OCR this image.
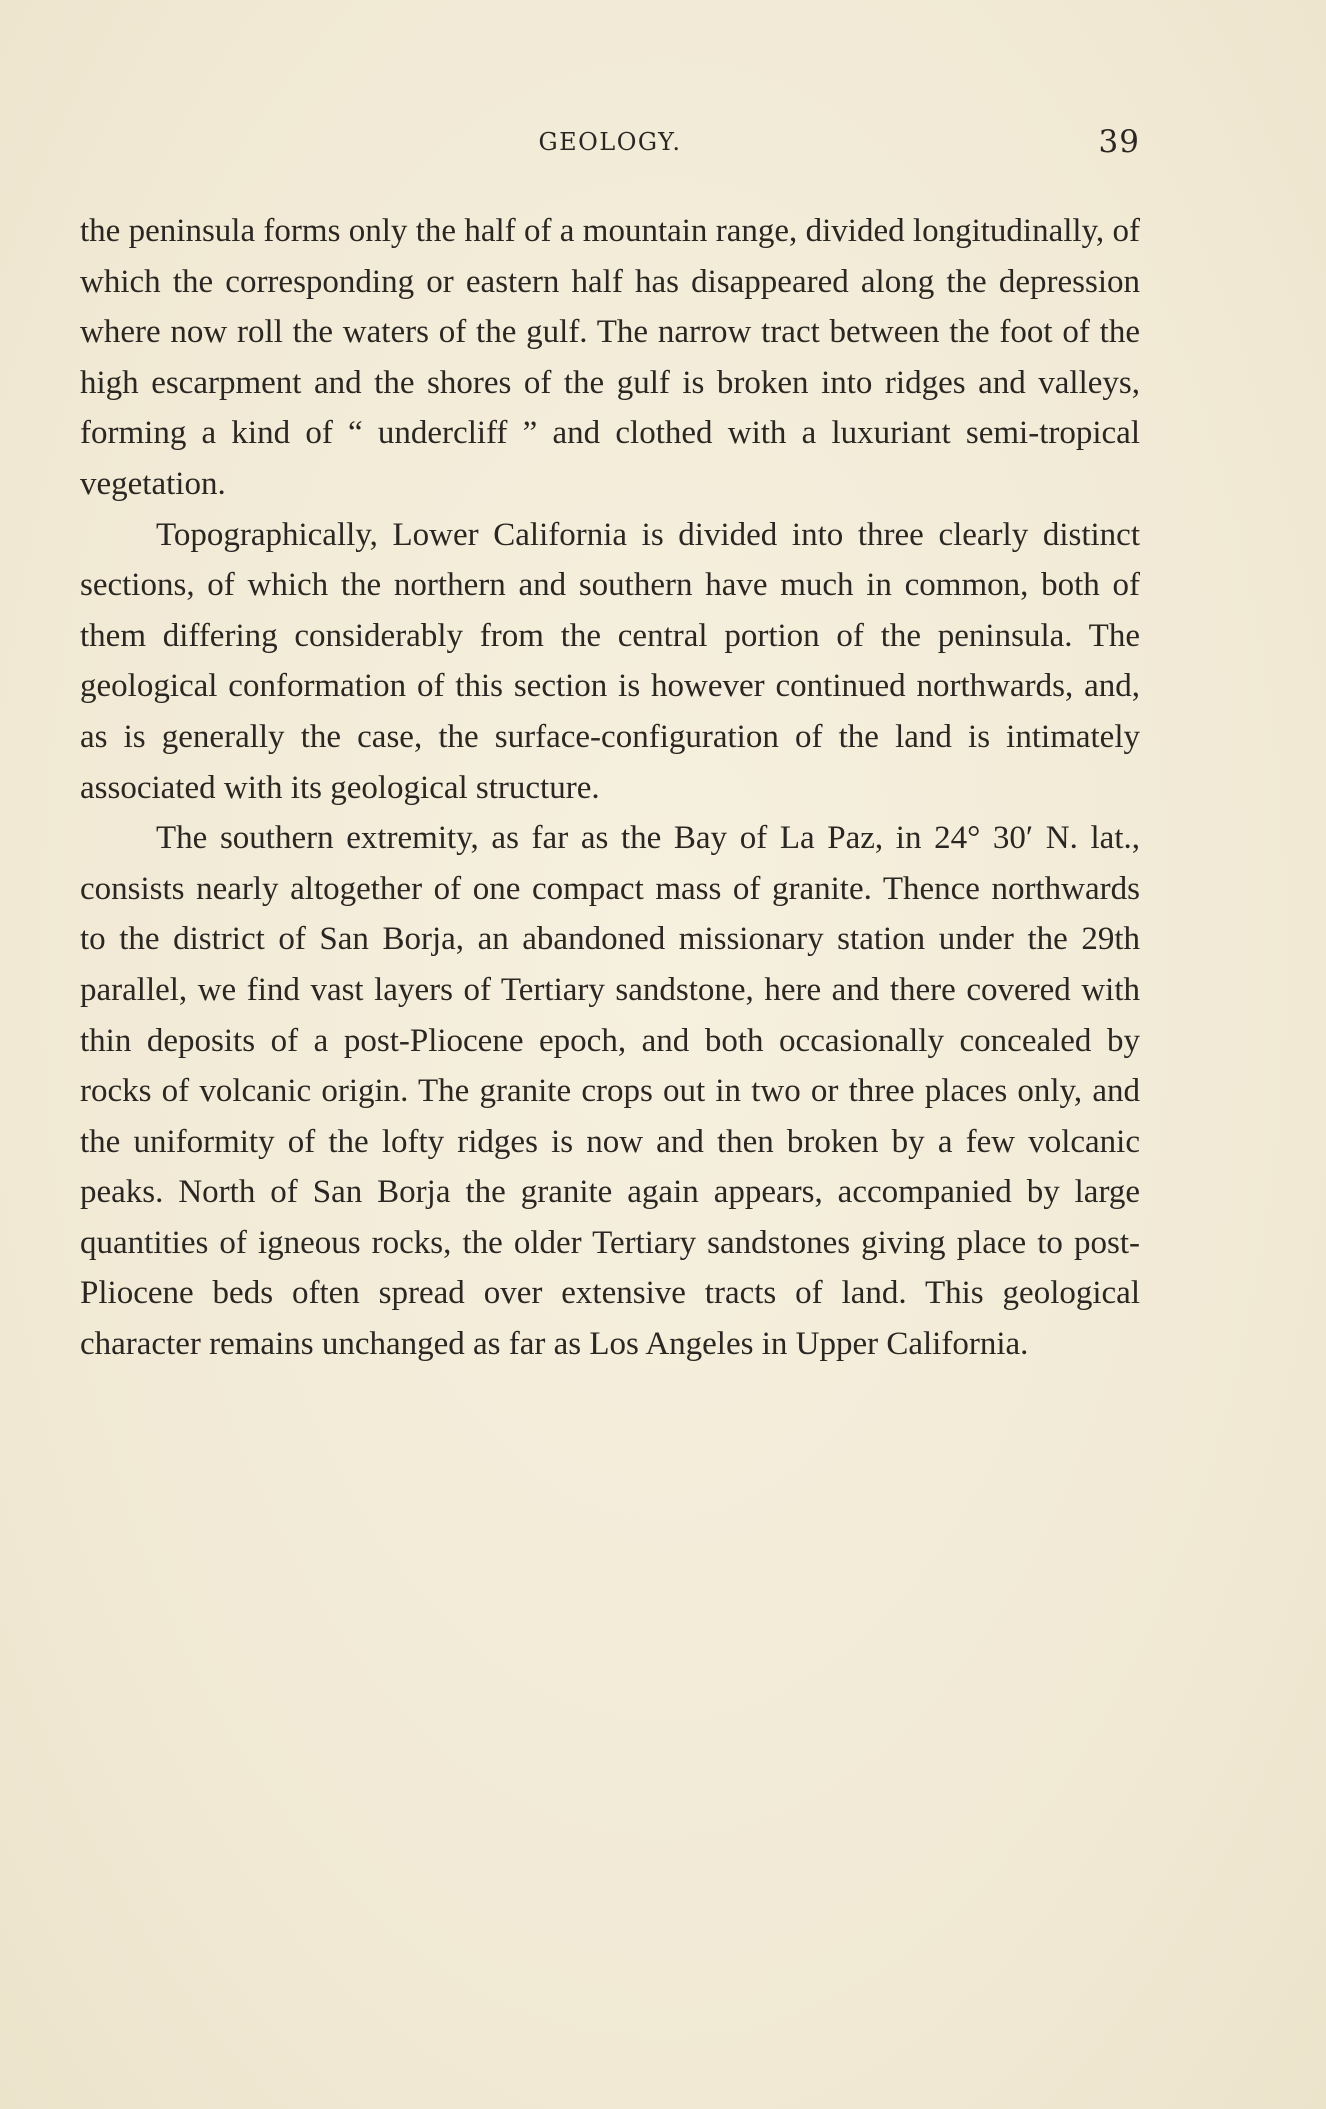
GEOLOGY.	39

the peninsula forms only the half of a mountain range, divided longitudinally, of which the corresponding or eastern half has disappeared along the depression where now roll the waters of the gulf. The narrow tract between the foot of the high escarpment and the shores of the gulf is broken into ridges and valleys, forming a kind of “ undercliff ” and clothed with a luxuriant semi-tropical vegetation.

Topographically, Lower California is divided into three clearly distinct sections, of which the northern and southern have much in common, both of them differing considerably from the central portion of the peninsula. The geological conformation of this section is however continued northwards, and, as is generally the case, the surface-configuration of the land is intimately associated with its geological structure.

The southern extremity, as far as the Bay of La Paz, in 24° 30′ N. lat., consists nearly altogether of one compact mass of granite. Thence northwards to the district of San Borja, an abandoned missionary station under the 29th parallel, we find vast layers of Tertiary sandstone, here and there covered with thin deposits of a post-Pliocene epoch, and both occasionally concealed by rocks of volcanic origin. The granite crops out in two or three places only, and the uniformity of the lofty ridges is now and then broken by a few volcanic peaks. North of San Borja the granite again appears, accompanied by large quantities of igneous rocks, the older Tertiary sandstones giving place to post-Pliocene beds often spread over extensive tracts of land. This geological character remains unchanged as far as Los Angeles in Upper California.
